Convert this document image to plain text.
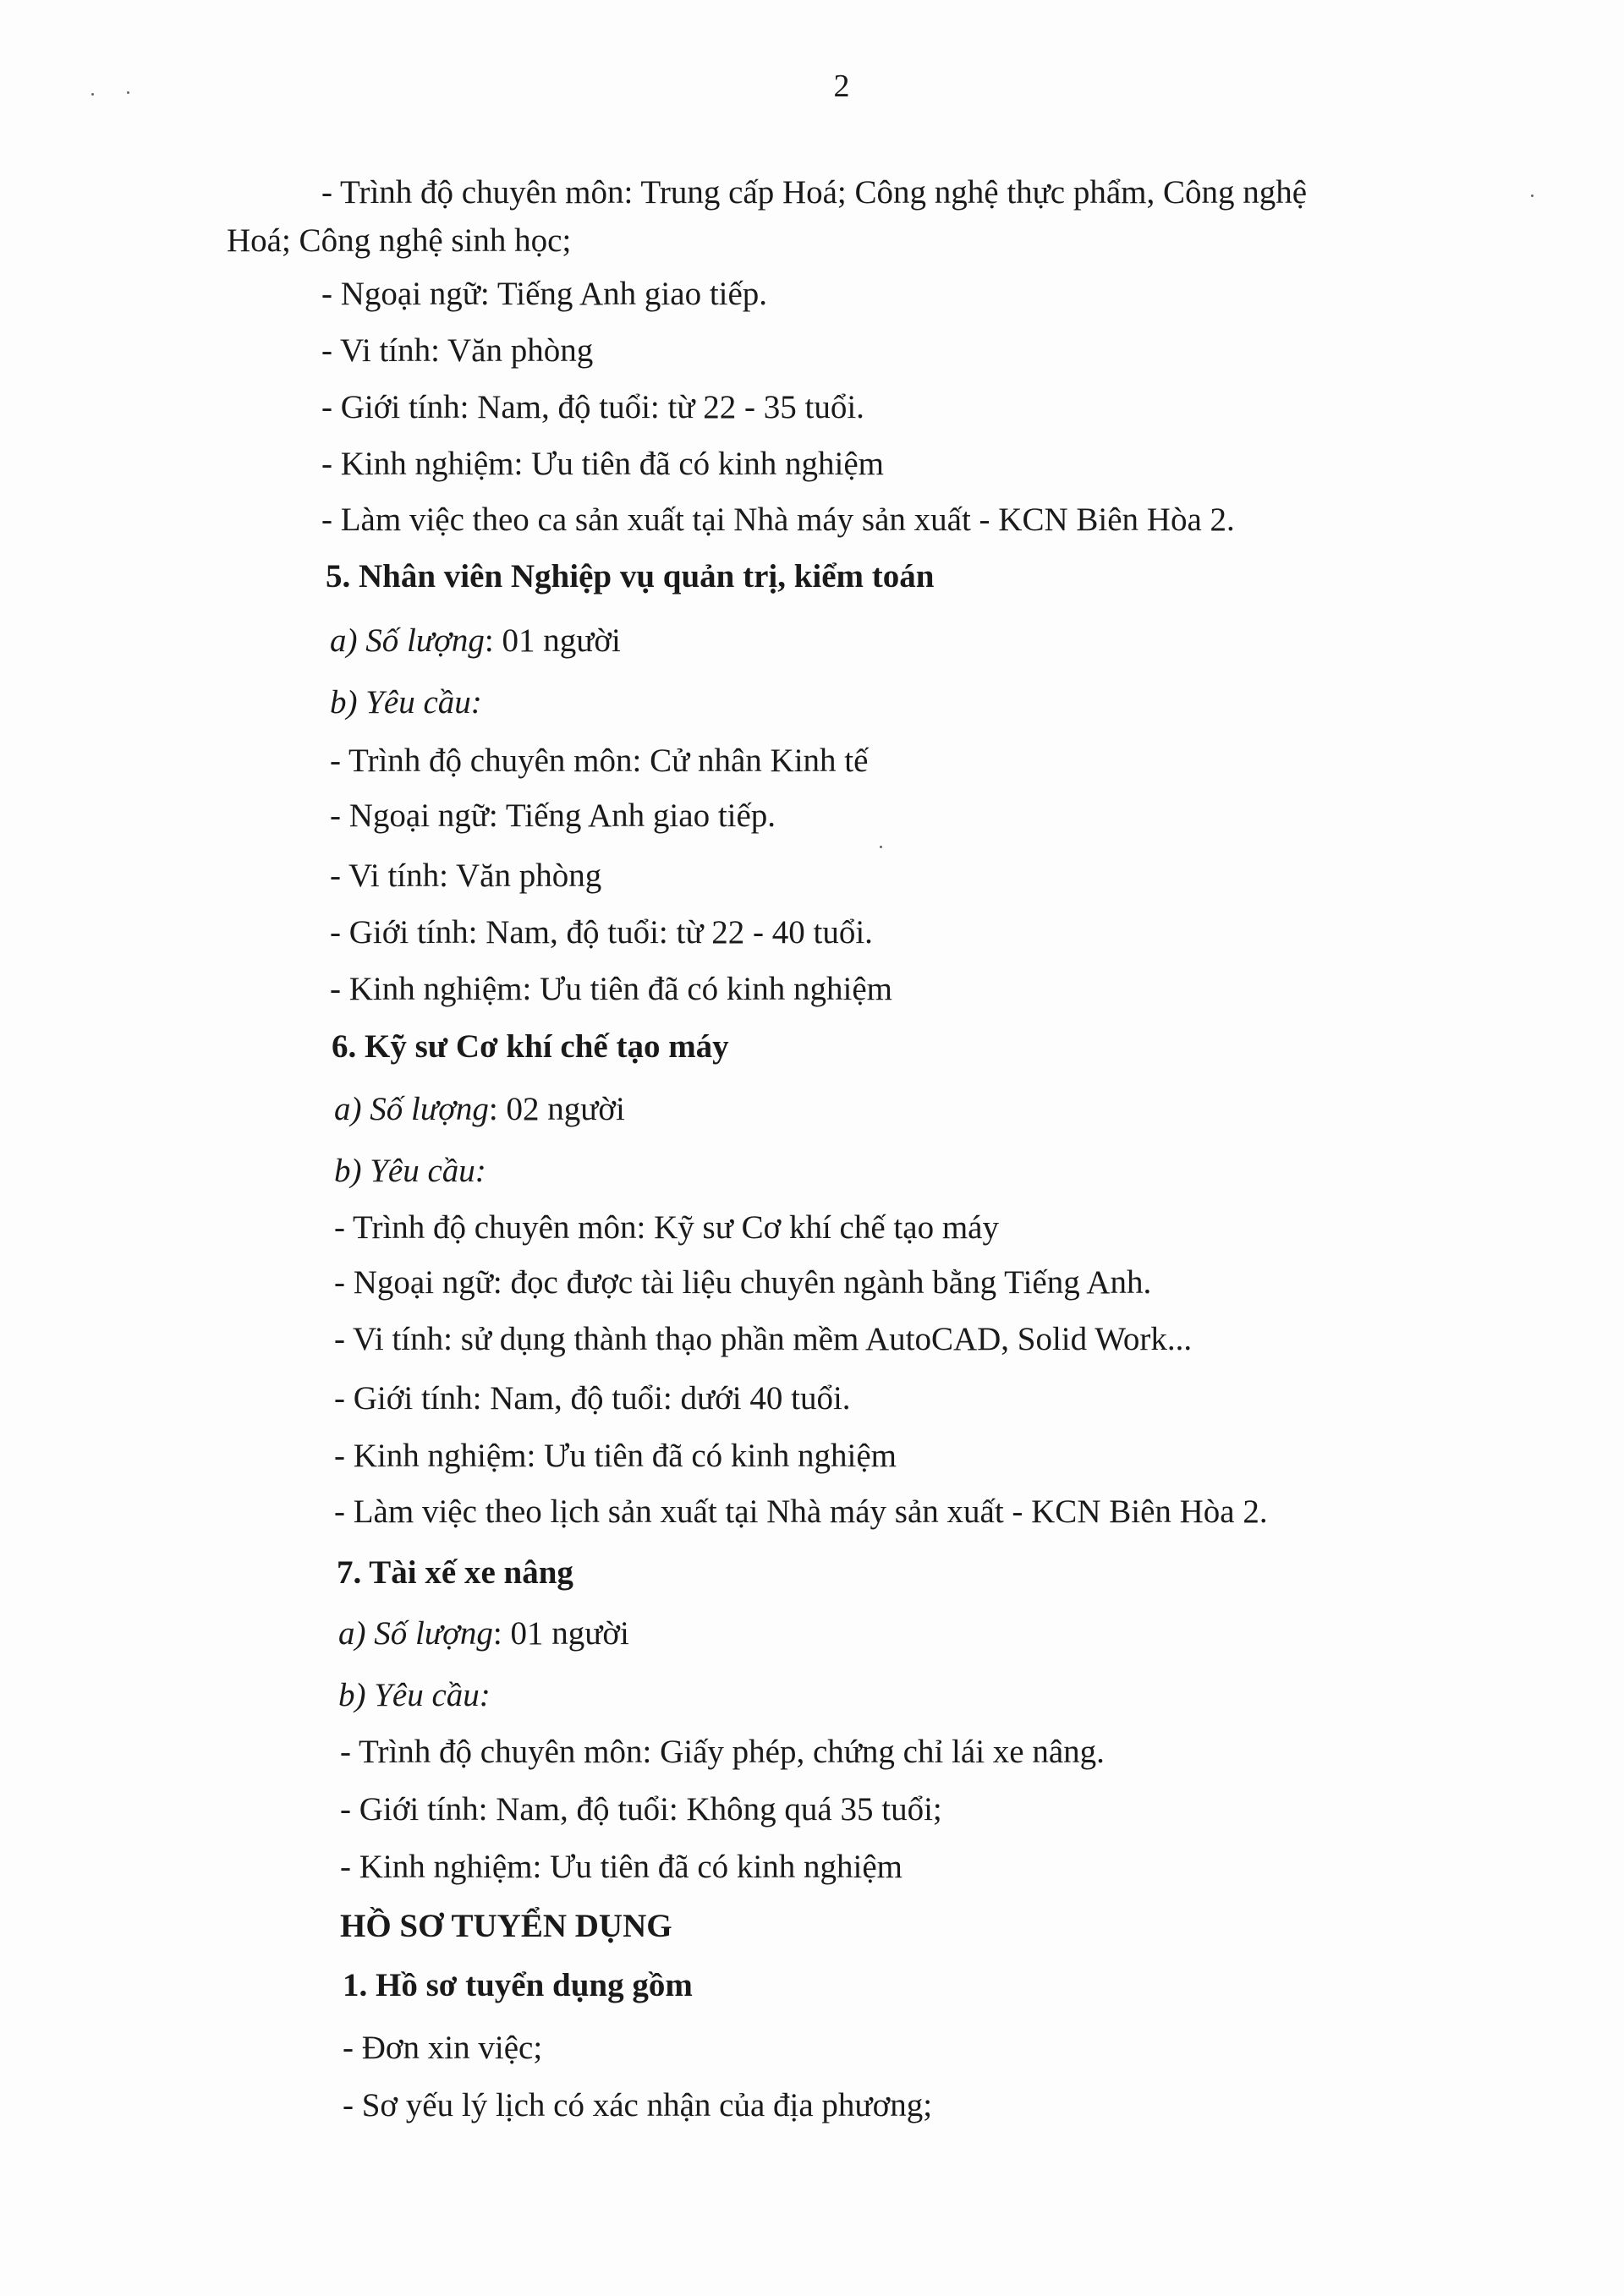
2
- Trình độ chuyên môn: Trung cấp Hoá; Công nghệ thực phẩm, Công nghệ
Hoá; Công nghệ sinh học;
- Ngoại ngữ: Tiếng Anh giao tiếp.
- Vi tính: Văn phòng
- Giới tính: Nam, độ tuổi: từ 22 - 35 tuổi.
- Kinh nghiệm: Ưu tiên đã có kinh nghiệm
- Làm việc theo ca sản xuất tại Nhà máy sản xuất - KCN Biên Hòa 2.
5. Nhân viên Nghiệp vụ quản trị, kiểm toán
a) Số lượng: 01 người
b) Yêu cầu:
- Trình độ chuyên môn: Cử nhân Kinh tế
- Ngoại ngữ: Tiếng Anh giao tiếp.
- Vi tính: Văn phòng
- Giới tính: Nam, độ tuổi: từ 22 - 40 tuổi.
- Kinh nghiệm: Ưu tiên đã có kinh nghiệm
6. Kỹ sư Cơ khí chế tạo máy
a) Số lượng: 02 người
b) Yêu cầu:
- Trình độ chuyên môn: Kỹ sư Cơ khí chế tạo máy
- Ngoại ngữ: đọc được tài liệu chuyên ngành bằng Tiếng Anh.
- Vi tính: sử dụng thành thạo phần mềm AutoCAD, Solid Work...
- Giới tính: Nam, độ tuổi: dưới 40 tuổi.
- Kinh nghiệm: Ưu tiên đã có kinh nghiệm
- Làm việc theo lịch sản xuất tại Nhà máy sản xuất - KCN Biên Hòa 2.
7. Tài xế xe nâng
a) Số lượng: 01 người
b) Yêu cầu:
- Trình độ chuyên môn: Giấy phép, chứng chỉ lái xe nâng.
- Giới tính: Nam, độ tuổi: Không quá 35 tuổi;
- Kinh nghiệm: Ưu tiên đã có kinh nghiệm
HỒ SƠ TUYỂN DỤNG
1. Hồ sơ tuyển dụng gồm
- Đơn xin việc;
- Sơ yếu lý lịch có xác nhận của địa phương;
